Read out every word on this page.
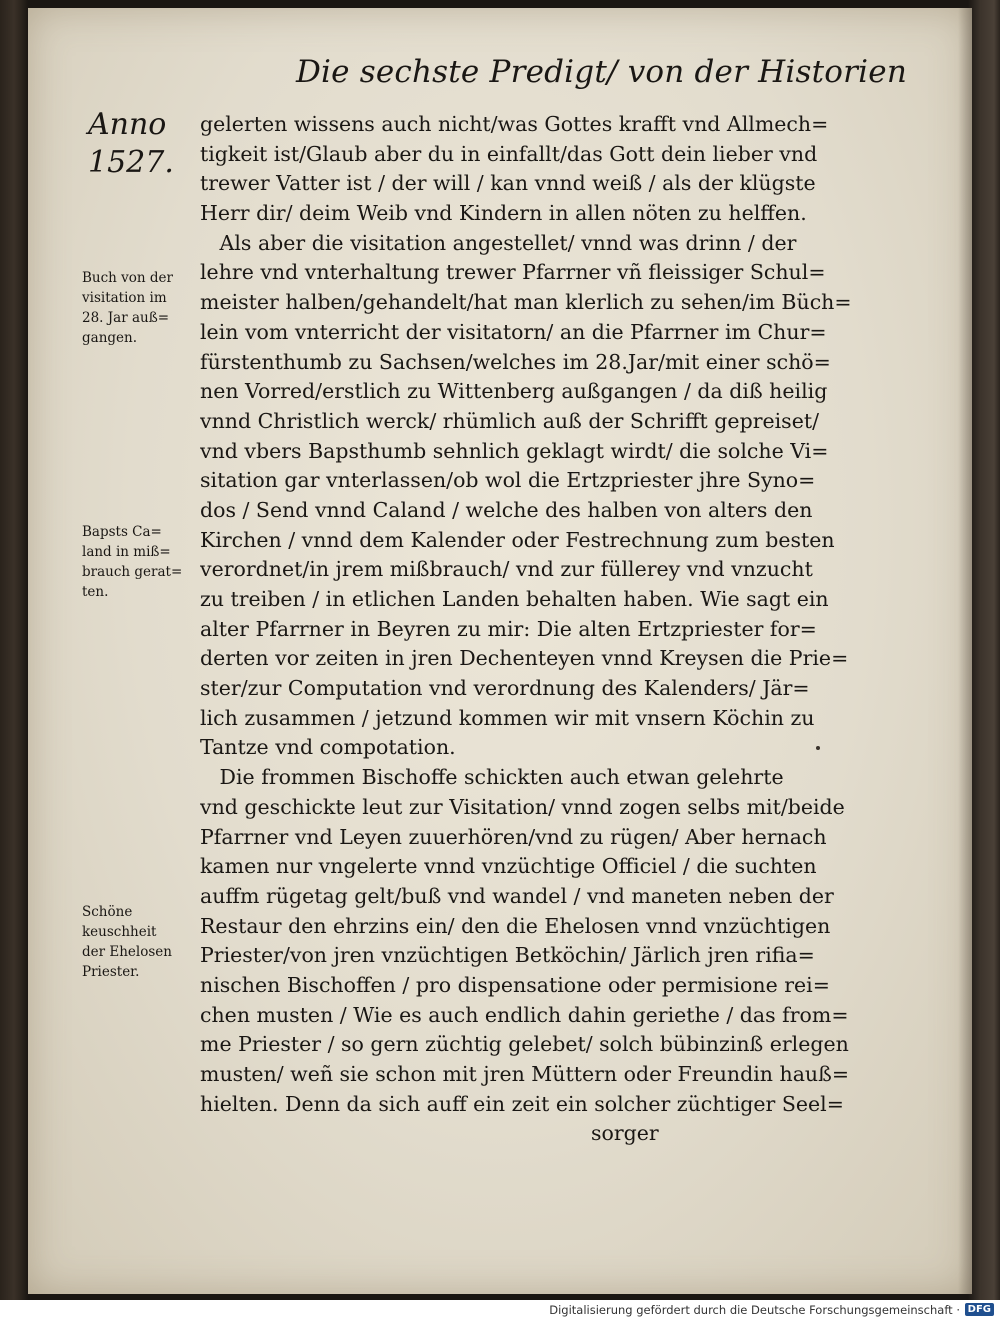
Die sechste Predigt/ von der Historien
Anno
1527.
Buch von der
visitation im
28. Jar auß=
gangen.
Bapsts Ca=
land in miß=
brauch gerat=
ten.
Schöne
keuschheit
der Ehelosen
Priester.
gelerten wissens auch nicht/was Gottes krafft vnd Allmech=
tigkeit ist/Glaub aber du in einfallt/das Gott dein lieber vnd
trewer Vatter ist / der will / kan vnnd weiß / als der klügste
Herr dir/ deim Weib vnd Kindern in allen nöten zu helffen.
Als aber die visitation angestellet/ vnnd was drinn / der
lehre vnd vnterhaltung trewer Pfarrner vñ fleissiger Schul=
meister halben/gehandelt/hat man klerlich zu sehen/im Büch=
lein vom vnterricht der visitatorn/ an die Pfarrner im Chur=
fürstenthumb zu Sachsen/welches im 28.Jar/mit einer schö=
nen Vorred/erstlich zu Wittenberg außgangen / da diß heilig
vnnd Christlich werck/ rhümlich auß der Schrifft gepreiset/
vnd vbers Bapsthumb sehnlich geklagt wirdt/ die solche Vi=
sitation gar vnterlassen/ob wol die Ertzpriester jhre Syno=
dos / Send vnnd Caland / welche des halben von alters den
Kirchen / vnnd dem Kalender oder Festrechnung zum besten
verordnet/in jrem mißbrauch/ vnd zur füllerey vnd vnzucht
zu treiben / in etlichen Landen behalten haben. Wie sagt ein
alter Pfarrner in Beyren zu mir: Die alten Ertzpriester for=
derten vor zeiten in jren Dechenteyen vnnd Kreysen die Prie=
ster/zur Computation vnd verordnung des Kalenders/ Jär=
lich zusammen / jetzund kommen wir mit vnsern Köchin zu
Tantze vnd compotation.
Die frommen Bischoffe schickten auch etwan gelehrte
vnd geschickte leut zur Visitation/ vnnd zogen selbs mit/beide
Pfarrner vnd Leyen zuuerhören/vnd zu rügen/ Aber hernach
kamen nur vngelerte vnnd vnzüchtige Officiel / die suchten
auffm rügetag gelt/buß vnd wandel / vnd maneten neben der
Restaur den ehrzins ein/ den die Ehelosen vnnd vnzüchtigen
Priester/von jren vnzüchtigen Betköchin/ Järlich jren rifia=
nischen Bischoffen / pro dispensatione oder permisione rei=
chen musten / Wie es auch endlich dahin geriethe / das from=
me Priester / so gern züchtig gelebet/ solch bübinzinß erlegen
musten/ weñ sie schon mit jren Müttern oder Freundin hauß=
hielten. Denn da sich auff ein zeit ein solcher züchtiger Seel=
sorger
Digitalisierung gefördert durch die Deutsche Forschungsgemeinschaft · DFG
